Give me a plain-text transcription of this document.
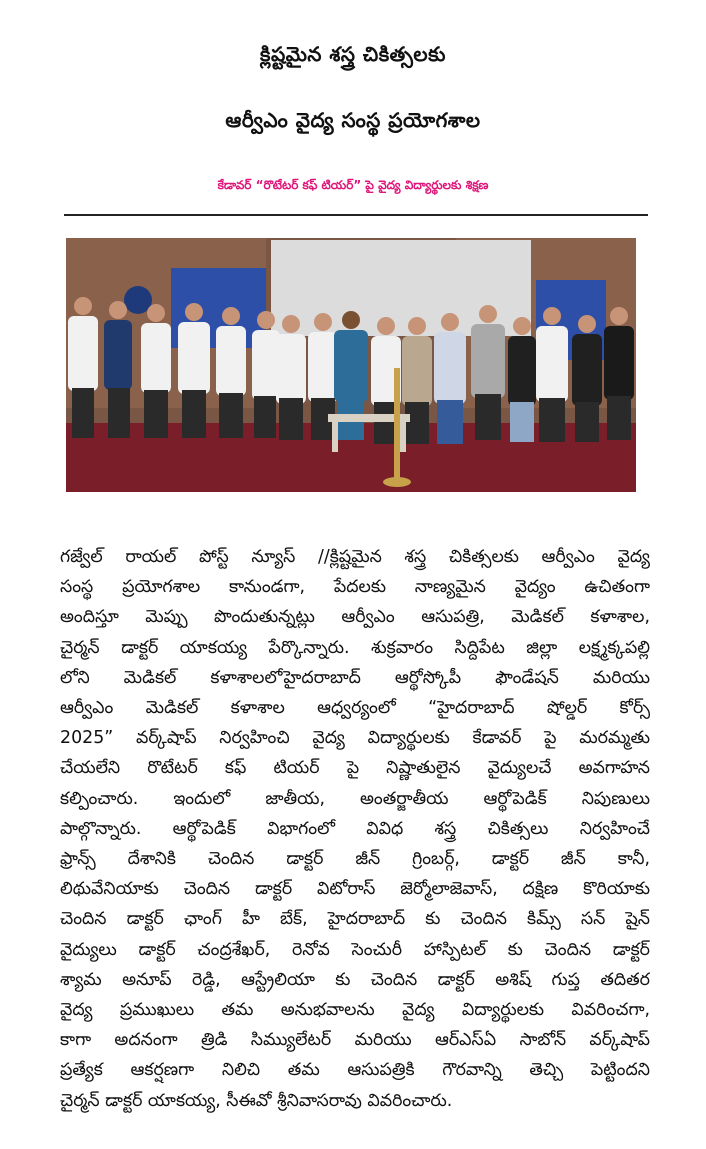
క్లిష్టమైన శస్త్ర చికిత్సలకు
ఆర్వీఎం వైద్య సంస్థ ప్రయోగశాల
కేడావర్ “రొటేటర్ కఫ్ టియర్” పై వైద్య విద్యార్థులకు శిక్షణ
గజ్వేల్ రాయల్ పోస్ట్ న్యూస్ //క్లిష్టమైన శస్త్ర చికిత్సలకు ఆర్వీఎం వైద్య
సంస్థ ప్రయోగశాల కానుండగా, పేదలకు నాణ్యమైన వైద్యం ఉచితంగా
అందిస్తూ మెప్పు పొందుతున్నట్లు ఆర్వీఎం ఆసుపత్రి, మెడికల్ కళాశాల,
చైర్మన్ డాక్టర్ యాకయ్య పేర్కొన్నారు. శుక్రవారం సిద్దిపేట జిల్లా లక్ష్మక్కపల్లి
లోని మెడికల్ కళాశాలలోహైదరాబాద్ ఆర్థోస్కోపీ ఫౌండేషన్ మరియు
ఆర్వీఎం మెడికల్ కళాశాల ఆధ్వర్యంలో “హైదరాబాద్ షోల్డర్ కోర్స్
2025” వర్క్‌షాప్ నిర్వహించి వైద్య విద్యార్థులకు కేడావర్ పై మరమ్మతు
చేయలేని రొటేటర్ కఫ్ టియర్ పై నిష్ణాతులైన వైద్యులచే అవగాహన
కల్పించారు. ఇందులో జాతీయ, అంతర్జాతీయ ఆర్థోపెడిక్ నిపుణులు
పాల్గొన్నారు. ఆర్థోపెడిక్ విభాగంలో వివిధ శస్త్ర చికిత్సలు నిర్వహించే
ఫ్రాన్స్ దేశానికి చెందిన డాక్టర్ జీన్ గ్రింబర్గ్, డాక్టర్ జీన్ కానీ,
లిథువేనియాకు చెందిన డాక్టర్ విటోరాస్ జెర్మోలాజెవాస్, దక్షిణ కొరియాకు
చెందిన డాక్టర్ ఛాంగ్ హీ బేక్, హైదరాబాద్ కు చెందిన కిమ్స్ సన్ షైన్
వైద్యులు డాక్టర్ చంద్రశేఖర్, రెనోవ సెంచురీ హాస్పిటల్ కు చెందిన డాక్టర్
శ్యామ అనూప్ రెడ్డి, ఆస్ట్రేలియా కు చెందిన డాక్టర్ అశిష్ గుప్త తదితర
వైద్య ప్రముఖులు తమ అనుభవాలను వైద్య విద్యార్థులకు వివరించగా,
కాగా అదనంగా త్రిడి సిమ్యులేటర్ మరియు ఆర్ఎస్ఏ సాబోన్ వర్క్‌షాప్
ప్రత్యేక ఆకర్షణగా నిలిచి తమ ఆసుపత్రికి గౌరవాన్ని తెచ్చి పెట్టిందని
చైర్మన్ డాక్టర్ యాకయ్య, సీఈవో శ్రీనివాసరావు వివరించారు.
